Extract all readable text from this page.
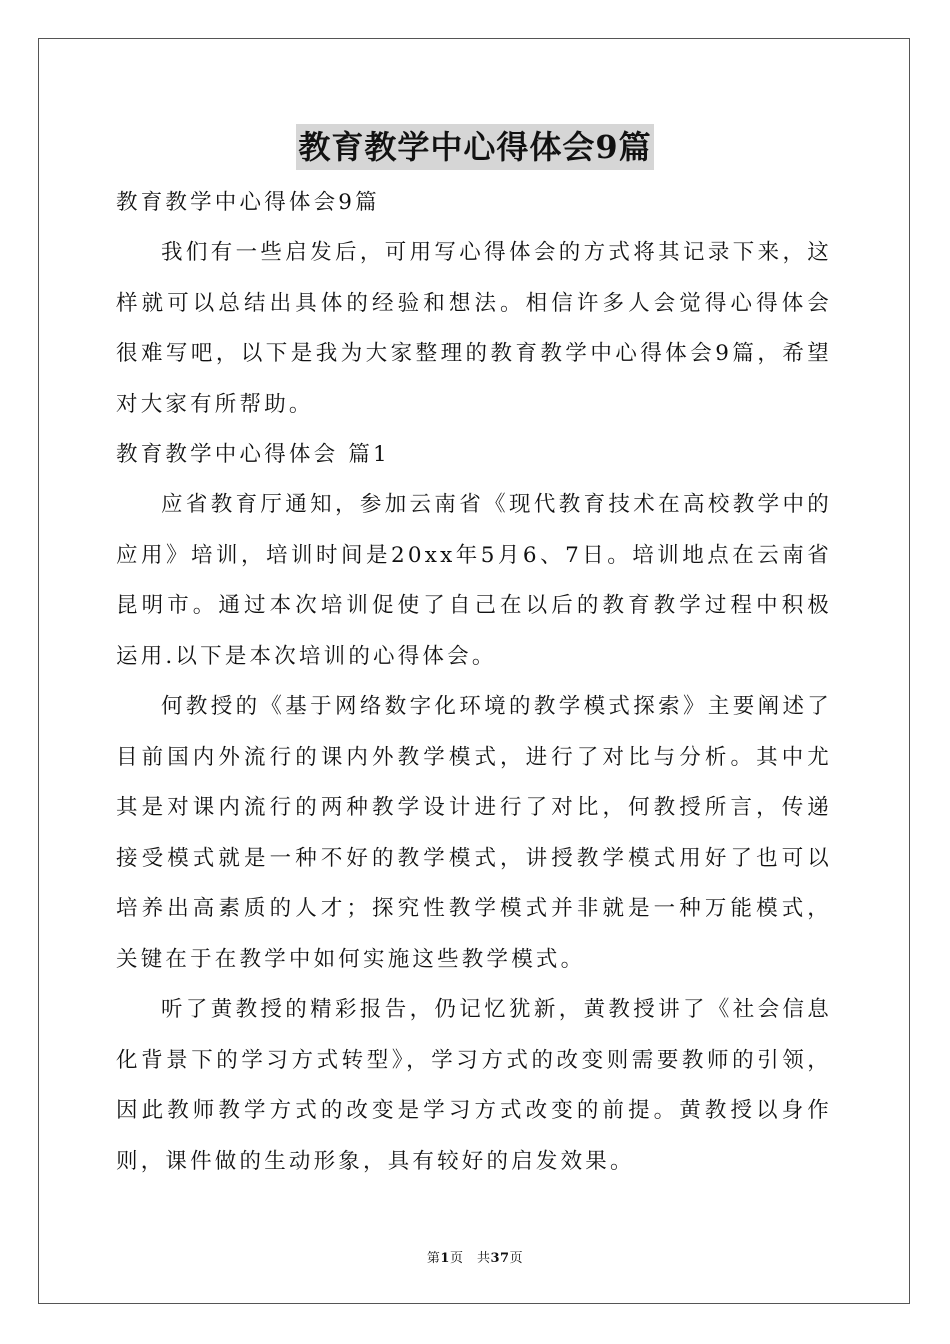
教育教学中心得体会9篇

教育教学中心得体会9篇

我们有一些启发后，可用写心得体会的方式将其记录下来，这样就可以总结出具体的经验和想法。相信许多人会觉得心得体会很难写吧，以下是我为大家整理的教育教学中心得体会9篇，希望对大家有所帮助。

教育教学中心得体会 篇1

应省教育厅通知，参加云南省《现代教育技术在高校教学中的应用》培训，培训时间是20xx年5月6、7日。培训地点在云南省昆明市。通过本次培训促使了自己在以后的教育教学过程中积极运用.以下是本次培训的心得体会。

何教授的《基于网络数字化环境的教学模式探索》主要阐述了目前国内外流行的课内外教学模式，进行了对比与分析。其中尤其是对课内流行的两种教学设计进行了对比，何教授所言，传递接受模式就是一种不好的教学模式，讲授教学模式用好了也可以培养出高素质的人才；探究性教学模式并非就是一种万能模式，关键在于在教学中如何实施这些教学模式。

听了黄教授的精彩报告，仍记忆犹新，黄教授讲了《社会信息化背景下的学习方式转型》，学习方式的改变则需要教师的引领，因此教师教学方式的改变是学习方式改变的前提。黄教授以身作则，课件做的生动形象，具有较好的启发效果。

第1页　共37页
